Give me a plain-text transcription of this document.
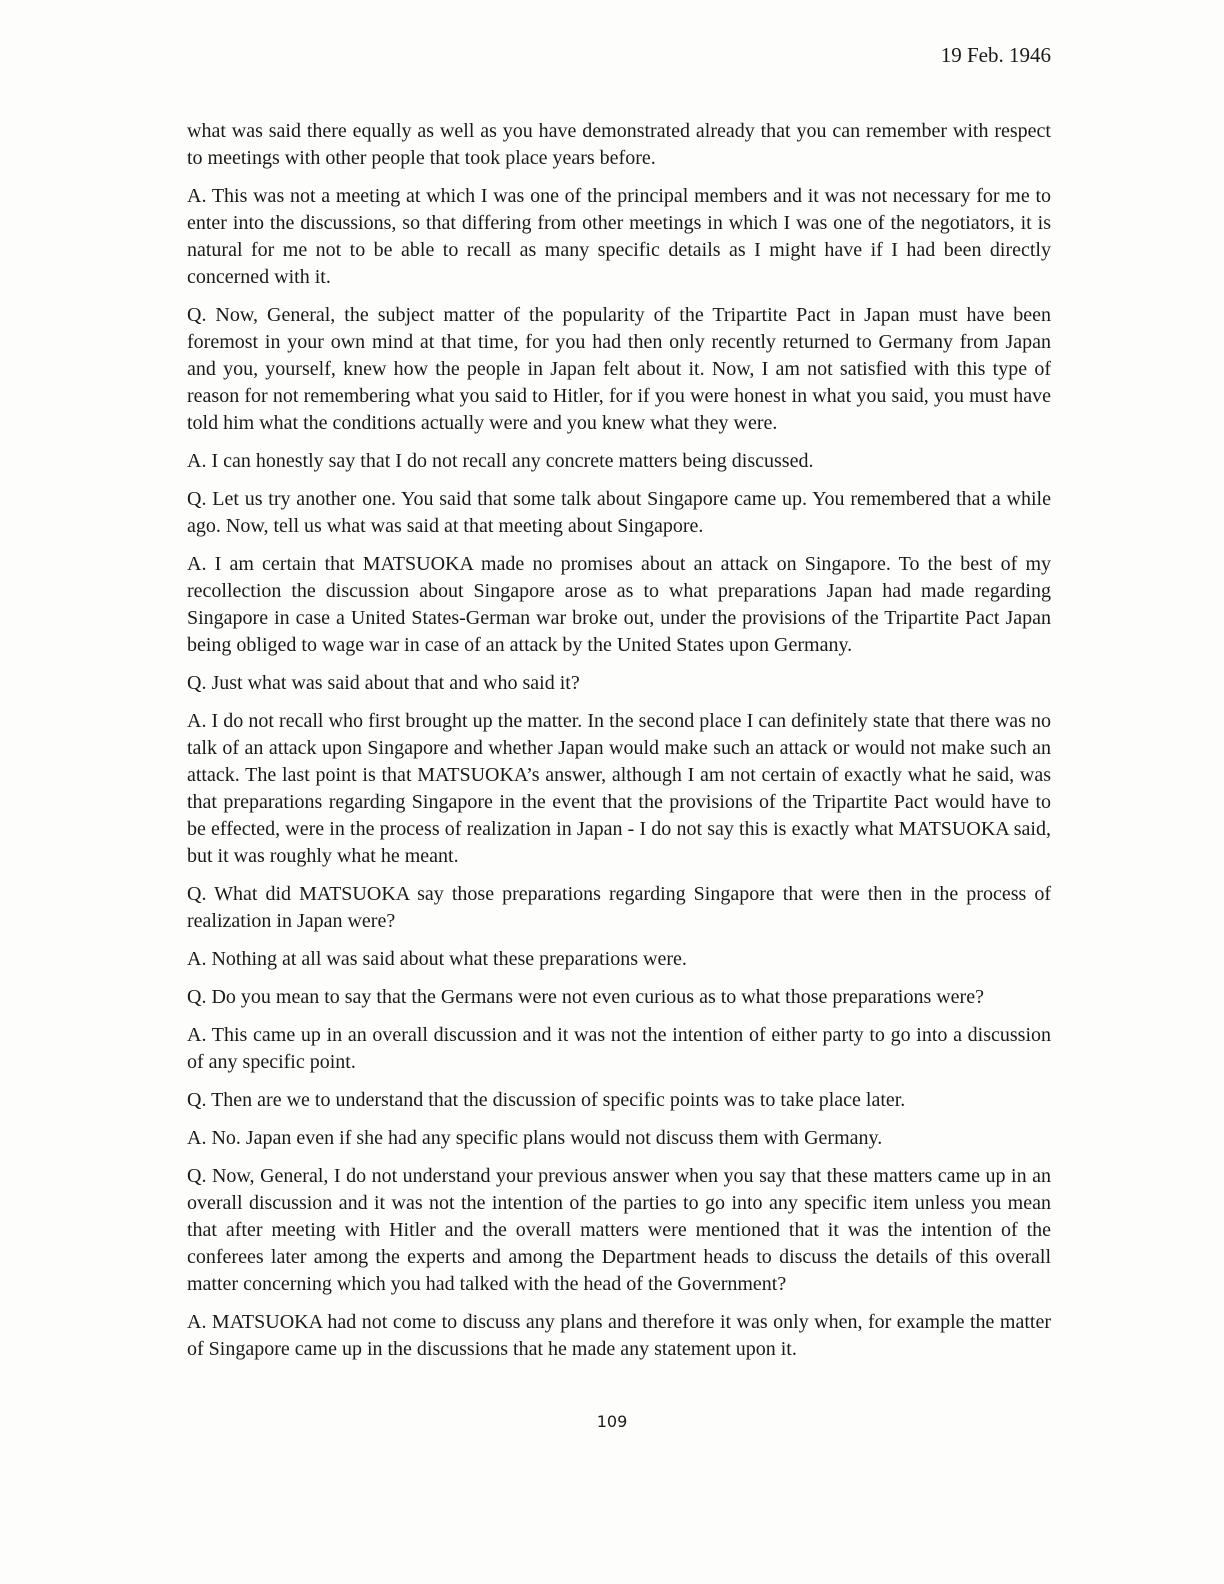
19 Feb. 1946

what was said there equally as well as you have demonstrated already that you can remember with respect to meetings with other people that took place years before.

A. This was not a meeting at which I was one of the principal members and it was not necessary for me to enter into the discussions, so that differing from other meetings in which I was one of the negotiators, it is natural for me not to be able to recall as many specific details as I might have if I had been directly concerned with it.

Q. Now, General, the subject matter of the popularity of the Tripartite Pact in Japan must have been foremost in your own mind at that time, for you had then only recently returned to Germany from Japan and you, yourself, knew how the people in Japan felt about it. Now, I am not satisfied with this type of reason for not remembering what you said to Hitler, for if you were honest in what you said, you must have told him what the conditions actually were and you knew what they were.

A. I can honestly say that I do not recall any concrete matters being discussed.

Q. Let us try another one. You said that some talk about Singapore came up. You remembered that a while ago. Now, tell us what was said at that meeting about Singapore.

A. I am certain that MATSUOKA made no promises about an attack on Singapore. To the best of my recollection the discussion about Singapore arose as to what preparations Japan had made regarding Singapore in case a United States-German war broke out, under the provisions of the Tripartite Pact Japan being obliged to wage war in case of an attack by the United States upon Germany.

Q. Just what was said about that and who said it?

A. I do not recall who first brought up the matter. In the second place I can definitely state that there was no talk of an attack upon Singapore and whether Japan would make such an attack or would not make such an attack. The last point is that MATSUOKA’s answer, although I am not certain of exactly what he said, was that preparations regarding Singapore in the event that the provisions of the Tripartite Pact would have to be effected, were in the process of realization in Japan - I do not say this is exactly what MATSUOKA said, but it was roughly what he meant.

Q. What did MATSUOKA say those preparations regarding Singapore that were then in the process of realization in Japan were?

A. Nothing at all was said about what these preparations were.

Q. Do you mean to say that the Germans were not even curious as to what those preparations were?

A. This came up in an overall discussion and it was not the intention of either party to go into a discussion of any specific point.

Q. Then are we to understand that the discussion of specific points was to take place later.

A. No. Japan even if she had any specific plans would not discuss them with Germany.

Q. Now, General, I do not understand your previous answer when you say that these matters came up in an overall discussion and it was not the intention of the parties to go into any specific item unless you mean that after meeting with Hitler and the overall matters were mentioned that it was the intention of the conferees later among the experts and among the Department heads to discuss the details of this overall matter concerning which you had talked with the head of the Government?

A. MATSUOKA had not come to discuss any plans and therefore it was only when, for example the matter of Singapore came up in the discussions that he made any statement upon it.

109
